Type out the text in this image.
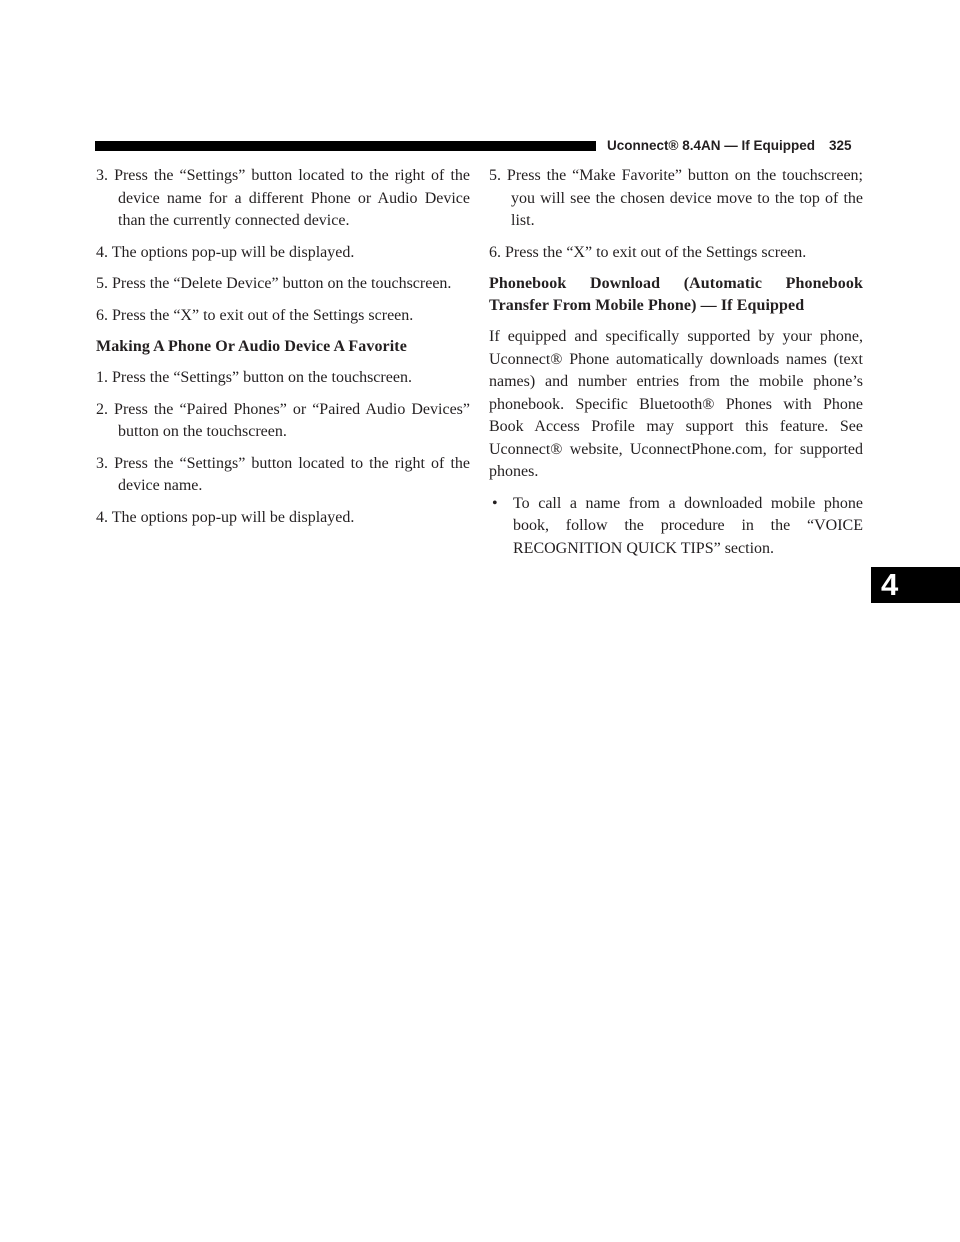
Uconnect® 8.4AN — If Equipped 325
4

3. Press the “Settings” button located to the right of the device name for a different Phone or Audio Device than the currently connected device.

4. The options pop-up will be displayed.

5. Press the “Delete Device” button on the touchscreen.

6. Press the “X” to exit out of the Settings screen.

Making A Phone Or Audio Device A Favorite

1. Press the “Settings” button on the touchscreen.

2. Press the “Paired Phones” or “Paired Audio Devices” button on the touchscreen.

3. Press the “Settings” button located to the right of the device name.

4. The options pop-up will be displayed.

5. Press the “Make Favorite” button on the touchscreen; you will see the chosen device move to the top of the list.

6. Press the “X” to exit out of the Settings screen.

Phonebook Download (Automatic Phonebook Transfer From Mobile Phone) — If Equipped

If equipped and specifically supported by your phone, Uconnect® Phone automatically downloads names (text names) and number entries from the mobile phone’s phonebook. Specific Bluetooth® Phones with Phone Book Access Profile may support this feature. See Uconnect® website, UconnectPhone.com, for supported phones.

• To call a name from a downloaded mobile phone book, follow the procedure in the “VOICE RECOGNITION QUICK TIPS” section.
